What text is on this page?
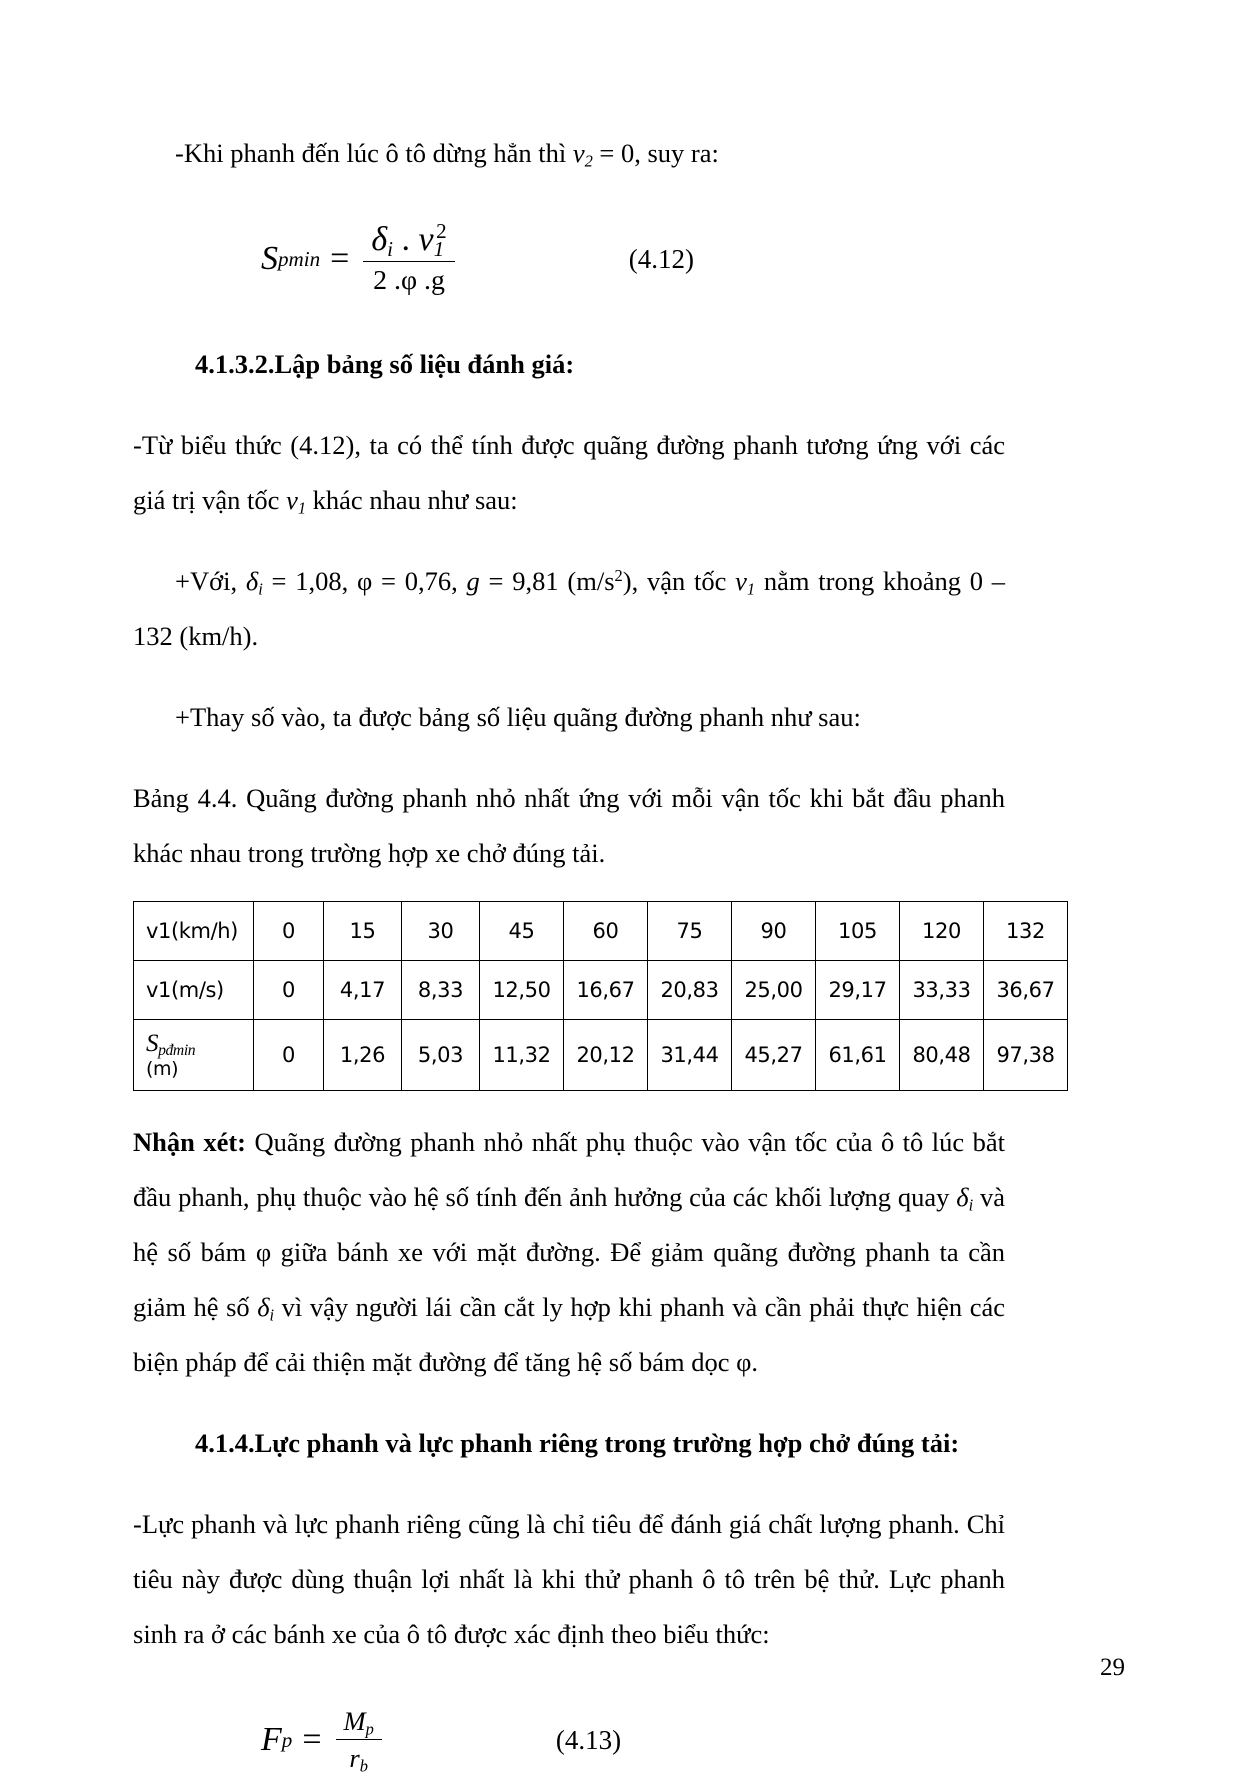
-Khi phanh đến lúc ô tô dừng hẳn thì $v_2 = 0$, suy ra:

S $pmin = \frac{\delta_i . v_1^2}{2 .\varphi .g}$	(4.12)

4.1.3.2.Lập bảng số liệu đánh giá:

-Từ biểu thức (4.12), ta có thể tính được quãng đường phanh tương ứng với các giá trị vận tốc $v_1$ khác nhau như sau:

+Với, $\delta_i = 1,08$, φ = 0,76, g = 9,81 $(m/s^2)$, vận tốc $v_1$ nằm trong khoảng 0 – 132 (km/h).

+Thay số vào, ta được bảng số liệu quãng đường phanh như sau:

Bảng 4.4. Quãng đường phanh nhỏ nhất ứng với mỗi vận tốc khi bắt đầu phanh khác nhau trong trường hợp xe chở đúng tải.

v1(km/h)	0	15	30	45	60	75	90	105	120	132
v1(m/s)	0	4,17	8,33	12,50	16,67	20,83	25,00	29,17	33,33	36,67

$S_{pđmin}$
(m)	0	1,26	5,03	11,32	20,12	31,44	45,27	61,61	80,48	97,38

Nhận xét: Quãng đường phanh nhỏ nhất phụ thuộc vào vận tốc của ô tô lúc bắt đầu phanh, phụ thuộc vào hệ số tính đến ảnh hưởng của các khối lượng quay $\delta_i$ và hệ số bám φ giữa bánh xe với mặt đường. Để giảm quãng đường phanh ta cần giảm hệ số $\delta_i$ vì vậy người lái cần cắt ly hợp khi phanh và cần phải thực hiện các biện pháp để cải thiện mặt đường để tăng hệ số bám dọc φ.

4.1.4.Lực phanh và lực phanh riêng trong trường hợp chở đúng tải:

-Lực phanh và lực phanh riêng cũng là chỉ tiêu để đánh giá chất lượng phanh. Chỉ tiêu này được dùng thuận lợi nhất là khi thử phanh ô tô trên bệ thử. Lực phanh sinh ra ở các bánh xe của ô tô được xác định theo biểu thức:

F $p = \frac{M_p}{r_b}$	(4.13)
29
